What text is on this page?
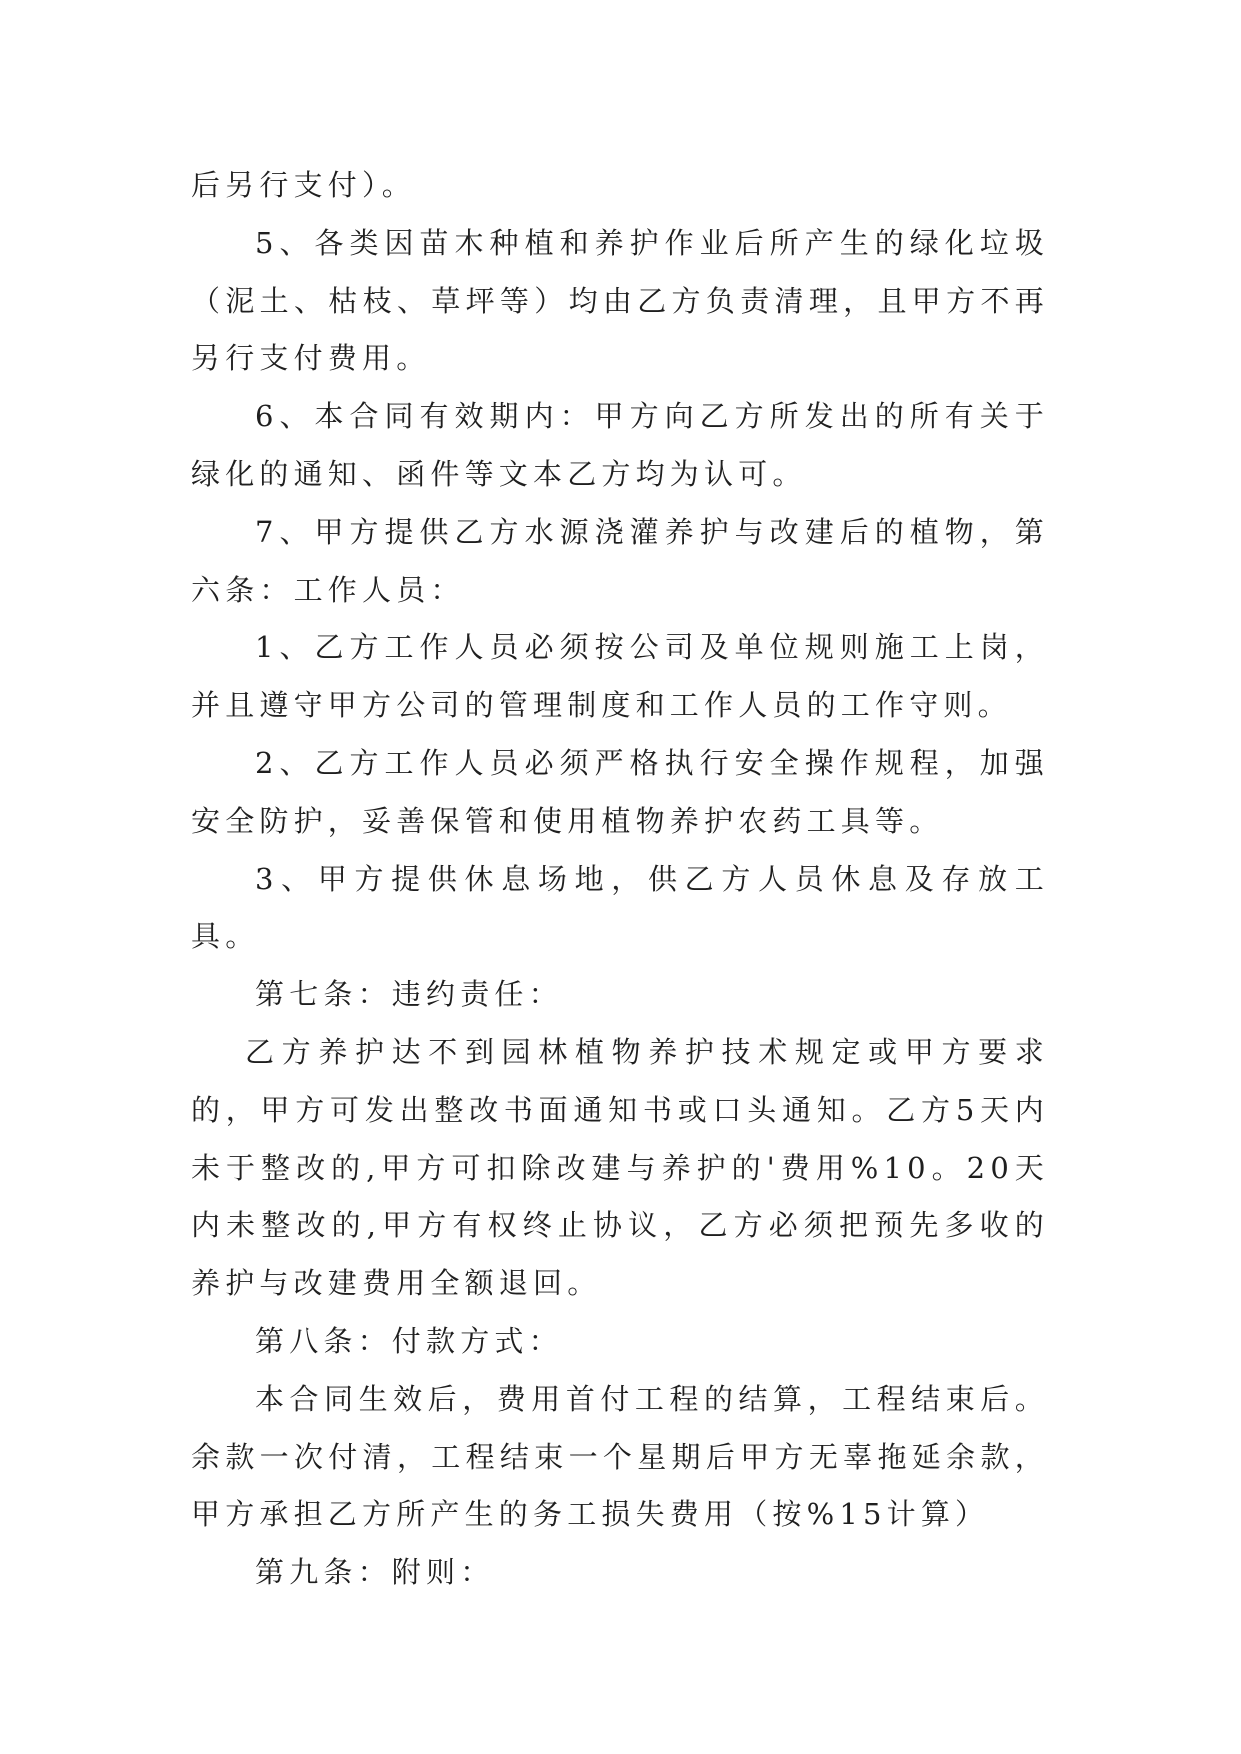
后另行支付）。

5、各类因苗木种植和养护作业后所产生的绿化垃圾（泥土、枯枝、草坪等）均由乙方负责清理，且甲方不再另行支付费用。

6、本合同有效期内：甲方向乙方所发出的所有关于绿化的通知、函件等文本乙方均为认可。

7、甲方提供乙方水源浇灌养护与改建后的植物，第六条：工作人员：

1、乙方工作人员必须按公司及单位规则施工上岗，并且遵守甲方公司的管理制度和工作人员的工作守则。

2、乙方工作人员必须严格执行安全操作规程，加强安全防护，妥善保管和使用植物养护农药工具等。

3、甲方提供休息场地，供乙方人员休息及存放工具。

第七条：违约责任：

乙方养护达不到园林植物养护技术规定或甲方要求的，甲方可发出整改书面通知书或口头通知。乙方5天内未于整改的,甲方可扣除改建与养护的'费用%10。20天内未整改的,甲方有权终止协议，乙方必须把预先多收的养护与改建费用全额退回。

第八条：付款方式：

本合同生效后，费用首付工程的结算，工程结束后。余款一次付清，工程结束一个星期后甲方无辜拖延余款，甲方承担乙方所产生的务工损失费用（按%15计算）

第九条：附则：
